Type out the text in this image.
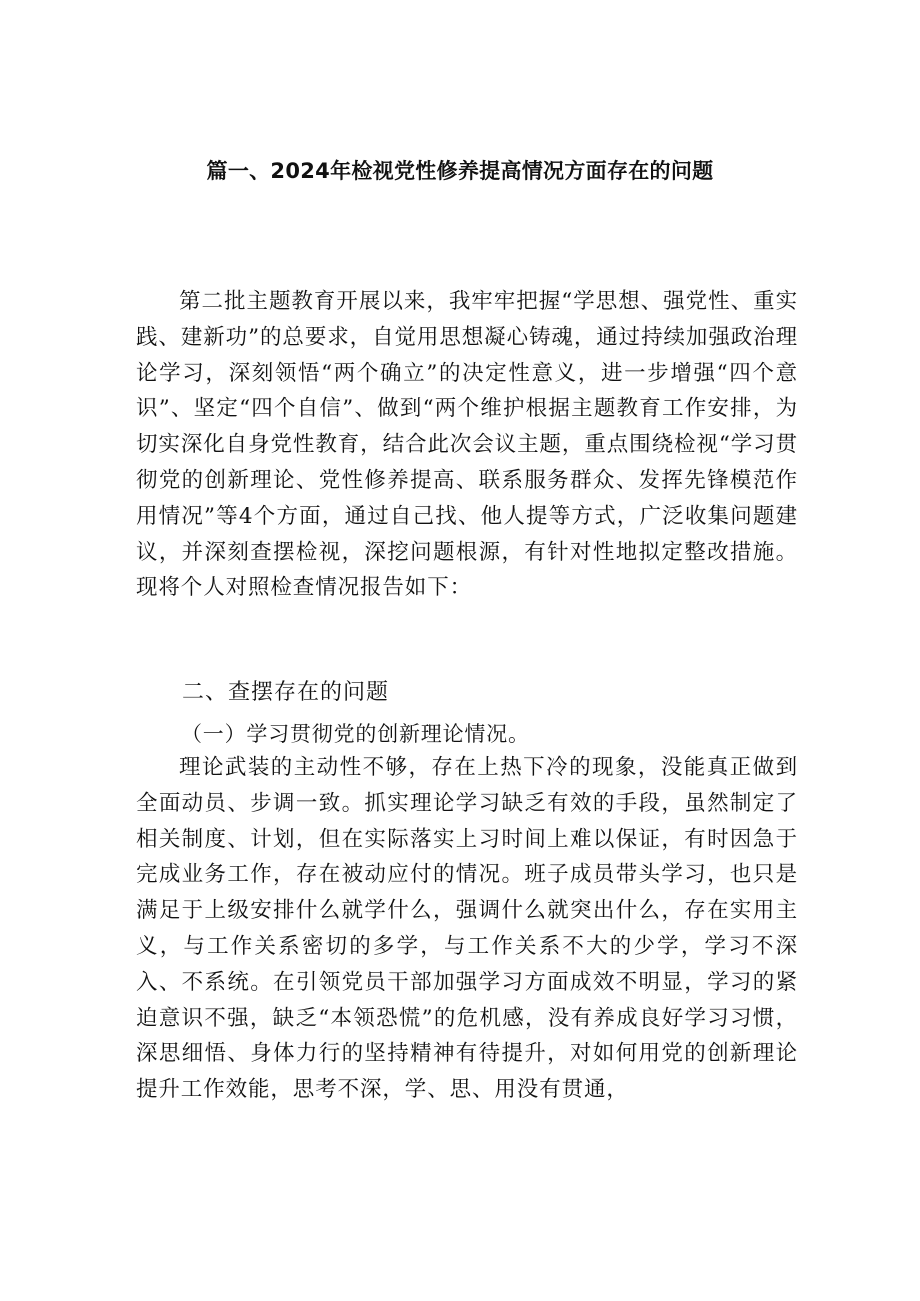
篇一、2024年检视党性修养提高情况方面存在的问题

第二批主题教育开展以来，我牢牢把握“学思想、强党性、重实践、建新功”的总要求，自觉用思想凝心铸魂，通过持续加强政治理论学习，深刻领悟“两个确立”的决定性意义，进一步增强“四个意识”、坚定“四个自信”、做到“两个维护根据主题教育工作安排，为切实深化自身党性教育，结合此次会议主题，重点围绕检视“学习贯彻党的创新理论、党性修养提高、联系服务群众、发挥先锋模范作用情况”等4个方面，通过自己找、他人提等方式，广泛收集问题建议，并深刻查摆检视，深挖问题根源，有针对性地拟定整改措施。现将个人对照检查情况报告如下：

二、查摆存在的问题
（一）学习贯彻党的创新理论情况。

理论武装的主动性不够，存在上热下冷的现象，没能真正做到全面动员、步调一致。抓实理论学习缺乏有效的手段，虽然制定了相关制度、计划，但在实际落实上习时间上难以保证，有时因急于完成业务工作，存在被动应付的情况。班子成员带头学习，也只是满足于上级安排什么就学什么，强调什么就突出什么，存在实用主义，与工作关系密切的多学，与工作关系不大的少学，学习不深入、不系统。在引领党员干部加强学习方面成效不明显，学习的紧迫意识不强，缺乏“本领恐慌”的危机感，没有养成良好学习习惯，深思细悟、身体力行的坚持精神有待提升，对如何用党的创新理论提升工作效能，思考不深，学、思、用没有贯通，
